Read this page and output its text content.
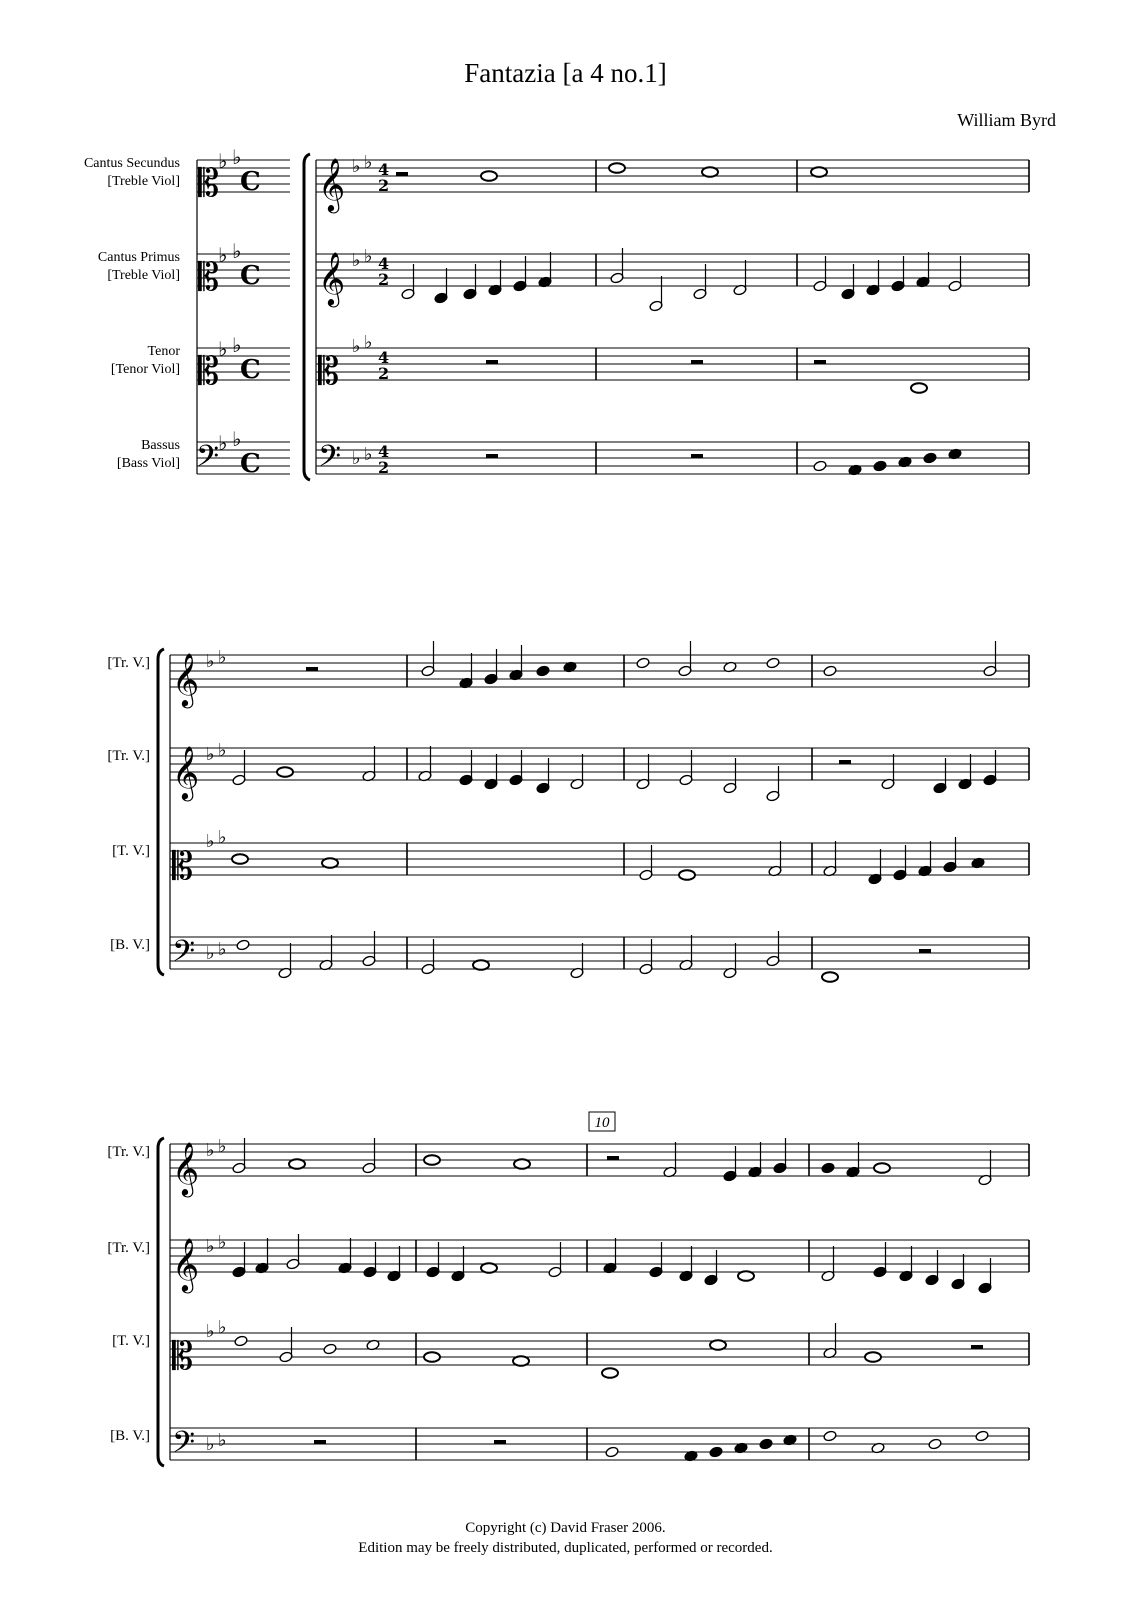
Fantazia [a 4 no.1]
William Byrd
Cantus Secundus
[Treble Viol]
Cantus Primus
[Treble Viol]
Tenor
[Tenor Viol]
Bassus
[Bass Viol]
[Tr. V.]
[Tr. V.]
[T. V.]
[B. V.]
[Tr. V.]
[Tr. V.]
[T. V.]
[B. V.]
C
♭ ♭
C
♭ ♭
C
♭ ♭
C
♭ ♭
𝄡
𝄡
𝄡
𝄢
𝄞 ♭ ♭ 4
2
𝄞 ♭ ♭ 4
2
𝄡
♭ ♭
4
2
𝄢 ♭ ♭ 4
2
𝄞 ♭ ♭
𝄞 ♭ ♭
𝄡
♭ ♭
𝄢 ♭ ♭
𝄞 ♭ ♭
𝄞 ♭ ♭
𝄡
♭ ♭
𝄢 ♭ ♭
10
Copyright (c) David Fraser 2006.
Edition may be freely distributed, duplicated, performed or recorded.
